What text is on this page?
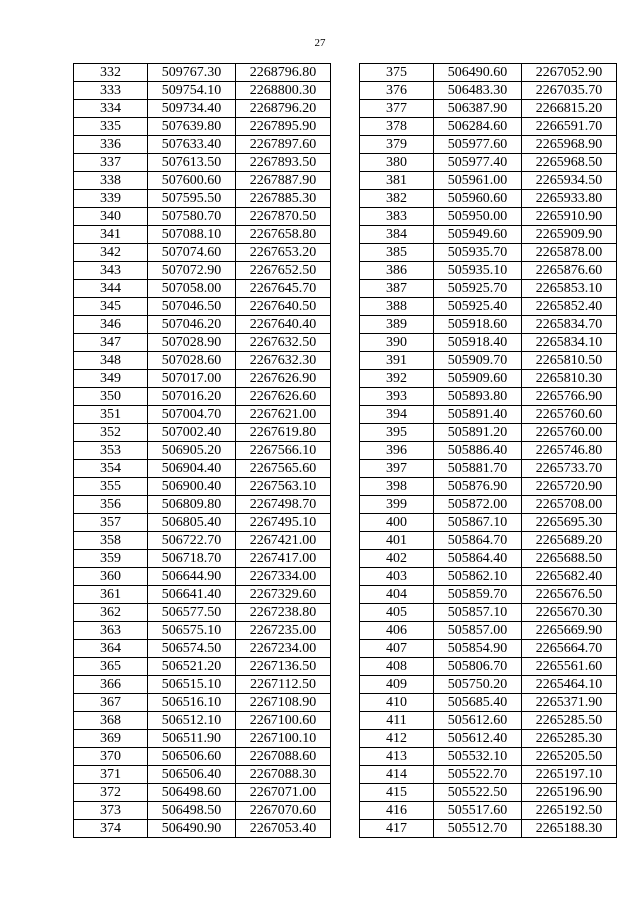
27
332	509767.30	2268796.80
333	509754.10	2268800.30
334	509734.40	2268796.20
335	507639.80	2267895.90
336	507633.40	2267897.60
337	507613.50	2267893.50
338	507600.60	2267887.90
339	507595.50	2267885.30
340	507580.70	2267870.50
341	507088.10	2267658.80
342	507074.60	2267653.20
343	507072.90	2267652.50
344	507058.00	2267645.70
345	507046.50	2267640.50
346	507046.20	2267640.40
347	507028.90	2267632.50
348	507028.60	2267632.30
349	507017.00	2267626.90
350	507016.20	2267626.60
351	507004.70	2267621.00
352	507002.40	2267619.80
353	506905.20	2267566.10
354	506904.40	2267565.60
355	506900.40	2267563.10
356	506809.80	2267498.70
357	506805.40	2267495.10
358	506722.70	2267421.00
359	506718.70	2267417.00
360	506644.90	2267334.00
361	506641.40	2267329.60
362	506577.50	2267238.80
363	506575.10	2267235.00
364	506574.50	2267234.00
365	506521.20	2267136.50
366	506515.10	2267112.50
367	506516.10	2267108.90
368	506512.10	2267100.60
369	506511.90	2267100.10
370	506506.60	2267088.60
371	506506.40	2267088.30
372	506498.60	2267071.00
373	506498.50	2267070.60
374	506490.90	2267053.40
375	506490.60	2267052.90
376	506483.30	2267035.70
377	506387.90	2266815.20
378	506284.60	2266591.70
379	505977.60	2265968.90
380	505977.40	2265968.50
381	505961.00	2265934.50
382	505960.60	2265933.80
383	505950.00	2265910.90
384	505949.60	2265909.90
385	505935.70	2265878.00
386	505935.10	2265876.60
387	505925.70	2265853.10
388	505925.40	2265852.40
389	505918.60	2265834.70
390	505918.40	2265834.10
391	505909.70	2265810.50
392	505909.60	2265810.30
393	505893.80	2265766.90
394	505891.40	2265760.60
395	505891.20	2265760.00
396	505886.40	2265746.80
397	505881.70	2265733.70
398	505876.90	2265720.90
399	505872.00	2265708.00
400	505867.10	2265695.30
401	505864.70	2265689.20
402	505864.40	2265688.50
403	505862.10	2265682.40
404	505859.70	2265676.50
405	505857.10	2265670.30
406	505857.00	2265669.90
407	505854.90	2265664.70
408	505806.70	2265561.60
409	505750.20	2265464.10
410	505685.40	2265371.90
411	505612.60	2265285.50
412	505612.40	2265285.30
413	505532.10	2265205.50
414	505522.70	2265197.10
415	505522.50	2265196.90
416	505517.60	2265192.50
417	505512.70	2265188.30
